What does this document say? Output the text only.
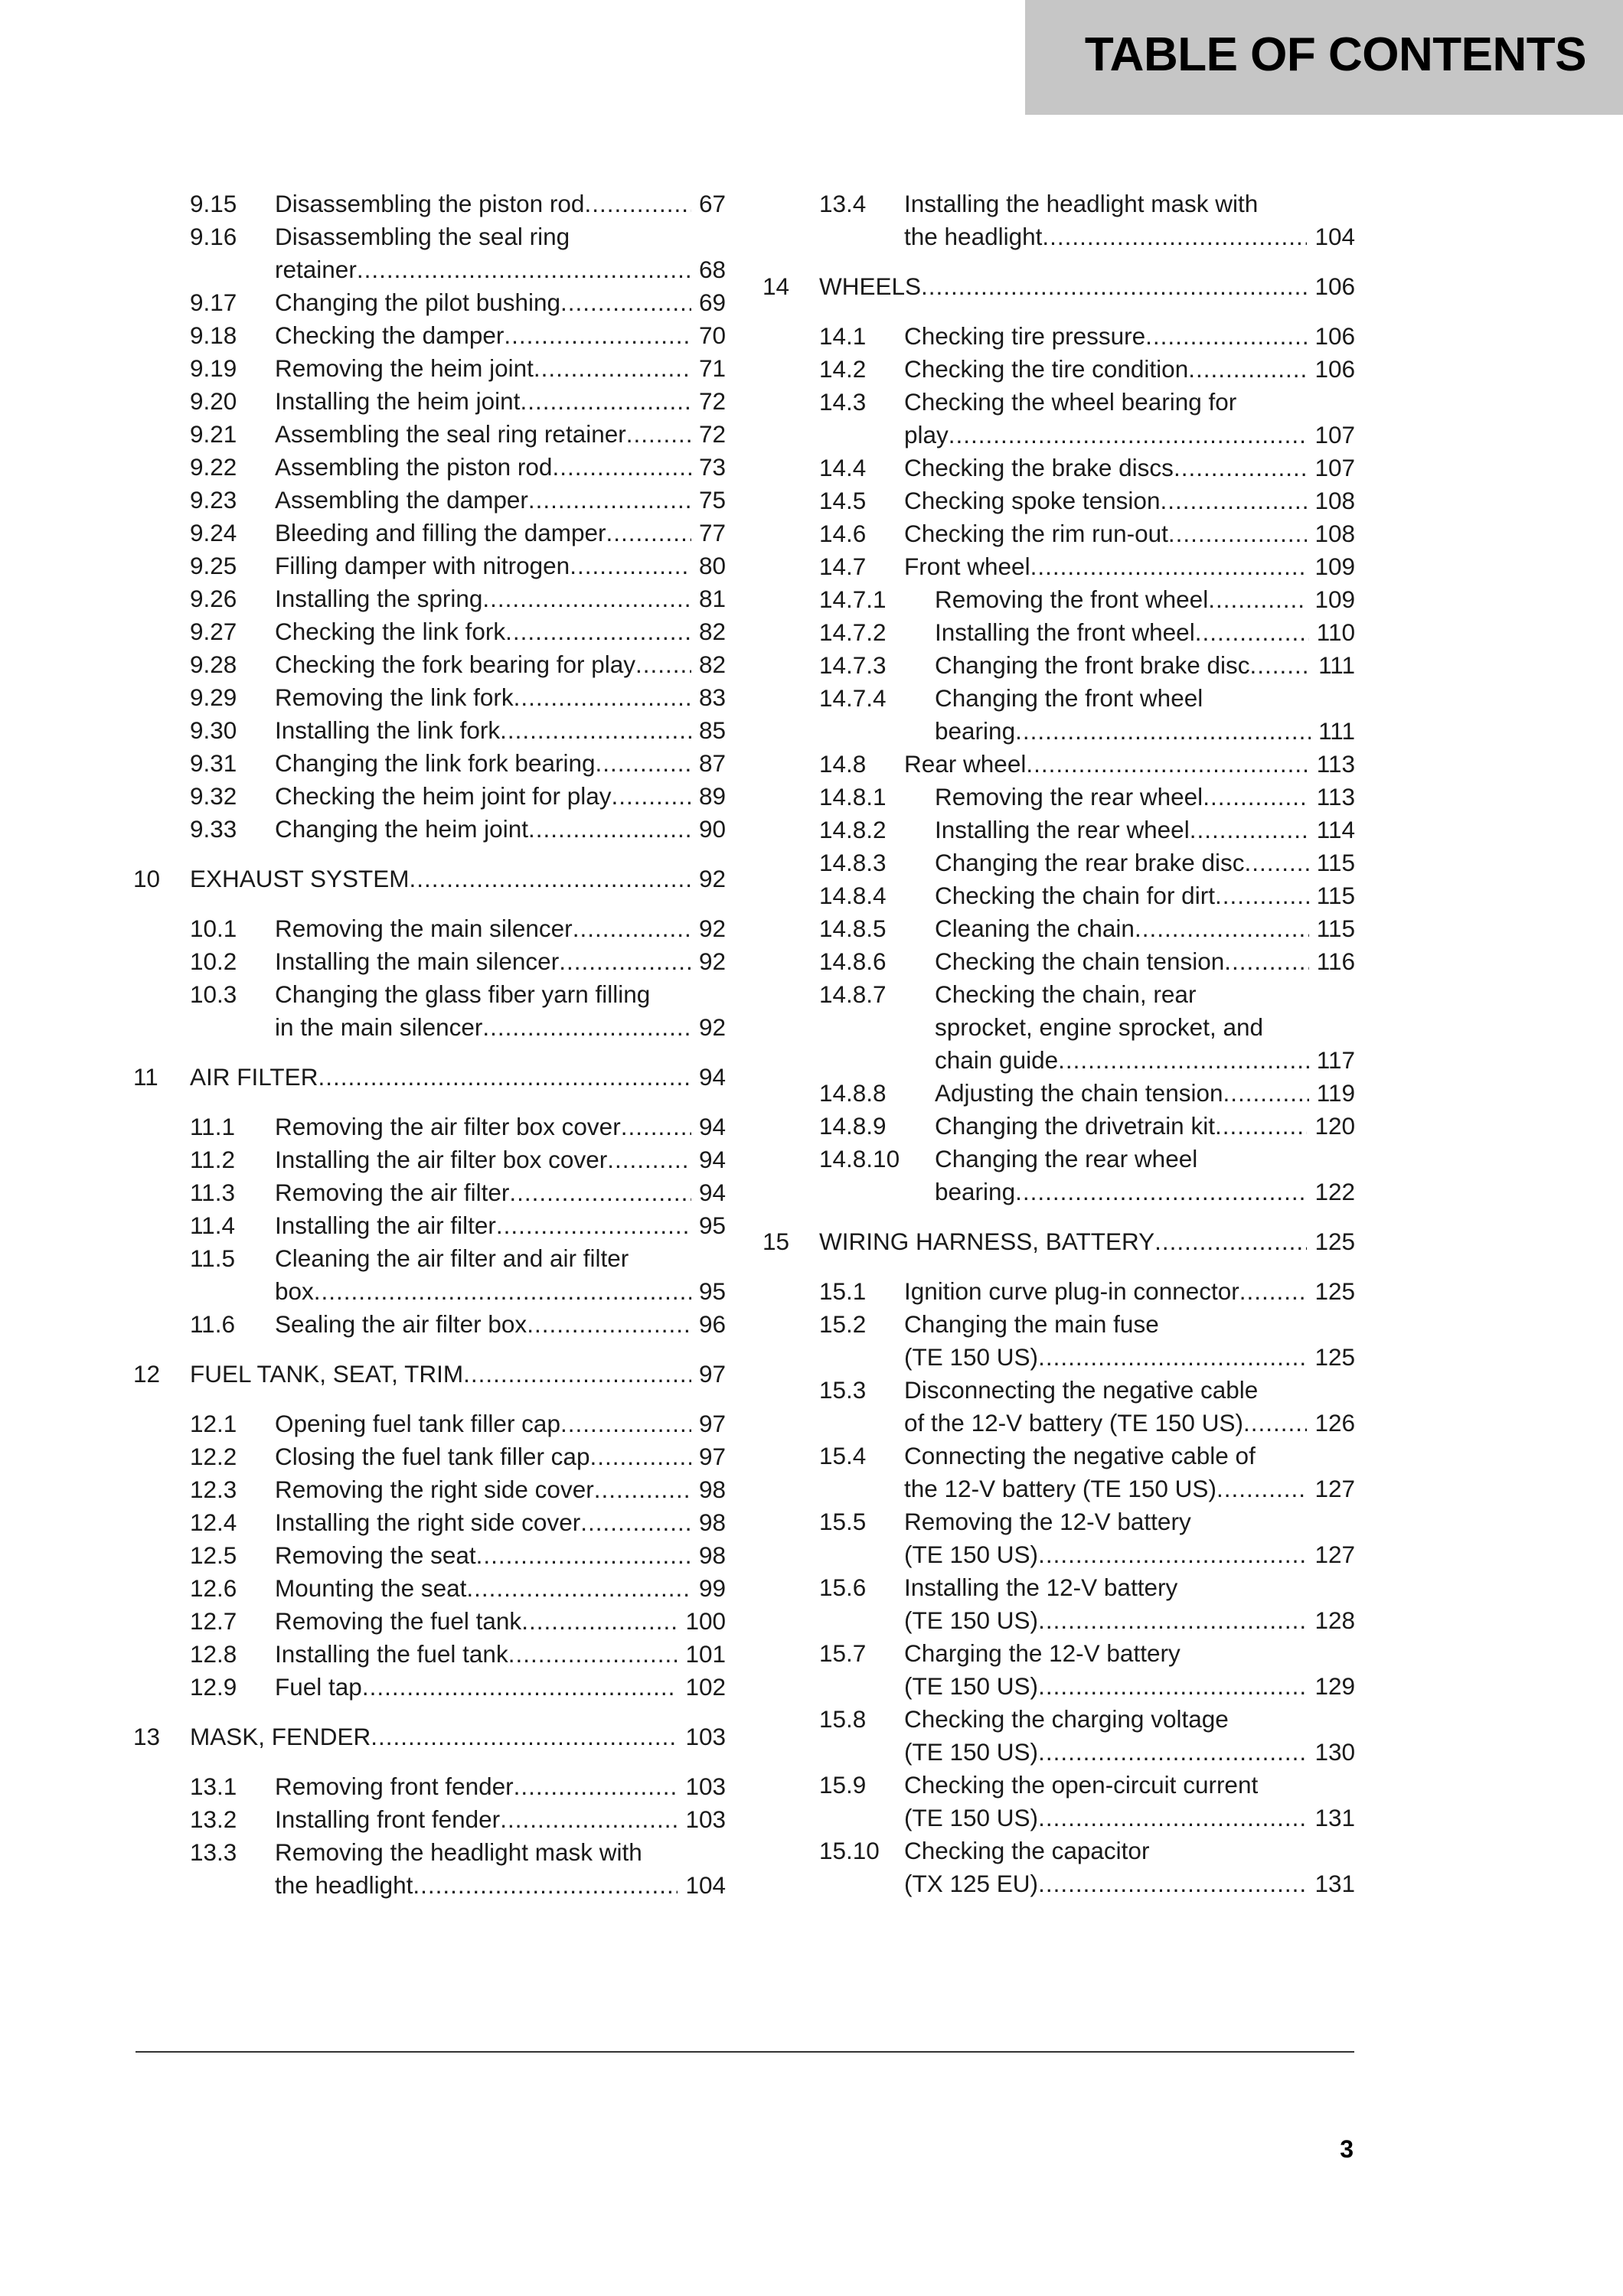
TABLE OF CONTENTS
9.15 Disassembling the piston rod .....	67
9.16 Disassembling the seal ring
retainer .....	68
9.17 Changing the pilot bushing .....	69
9.18 Checking the damper .....	70
9.19 Removing the heim joint .....	71
9.20 Installing the heim joint .....	72
9.21 Assembling the seal ring retainer .....	72
9.22 Assembling the piston rod .....	73
9.23 Assembling the damper .....	75
9.24 Bleeding and filling the damper .....	77
9.25 Filling damper with nitrogen .....	80
9.26 Installing the spring .....	81
9.27 Checking the link fork .....	82
9.28 Checking the fork bearing for play .....	82
9.29 Removing the link fork .....	83
9.30 Installing the link fork .....	85
9.31 Changing the link fork bearing .....	87
9.32 Checking the heim joint for play .....	89
9.33 Changing the heim joint .....	90
10 EXHAUST SYSTEM .....	92
10.1 Removing the main silencer .....	92
10.2 Installing the main silencer .....	92
10.3 Changing the glass fiber yarn filling
in the main silencer .....	92
11 AIR FILTER .....	94
11.1 Removing the air filter box cover .....	94
11.2 Installing the air filter box cover .....	94
11.3 Removing the air filter .....	94
11.4 Installing the air filter .....	95
11.5 Cleaning the air filter and air filter
box .....	95
11.6 Sealing the air filter box .....	96
12 FUEL TANK, SEAT, TRIM .....	97
12.1 Opening fuel tank filler cap .....	97
12.2 Closing the fuel tank filler cap .....	97
12.3 Removing the right side cover .....	98
12.4 Installing the right side cover .....	98
12.5 Removing the seat .....	98
12.6 Mounting the seat .....	99
12.7 Removing the fuel tank .....	100
12.8 Installing the fuel tank .....	101
12.9 Fuel tap .....	102
13 MASK, FENDER .....	103
13.1 Removing front fender .....	103
13.2 Installing front fender .....	103
13.3 Removing the headlight mask with
the headlight .....	104
13.4 Installing the headlight mask with
the headlight .....	104
14 WHEELS .....	106
14.1 Checking tire pressure .....	106
14.2 Checking the tire condition .....	106
14.3 Checking the wheel bearing for
play .....	107
14.4 Checking the brake discs .....	107
14.5 Checking spoke tension .....	108
14.6 Checking the rim run-out .....	108
14.7 Front wheel .....	109
14.7.1 Removing the front wheel .....	109
14.7.2 Installing the front wheel .....	110
14.7.3 Changing the front brake disc .....	111
14.7.4 Changing the front wheel
bearing .....	111
14.8 Rear wheel .....	113
14.8.1 Removing the rear wheel .....	113
14.8.2 Installing the rear wheel .....	114
14.8.3 Changing the rear brake disc .....	115
14.8.4 Checking the chain for dirt .....	115
14.8.5 Cleaning the chain .....	115
14.8.6 Checking the chain tension .....	116
14.8.7 Checking the chain, rear
sprocket, engine sprocket, and
chain guide .....	117
14.8.8 Adjusting the chain tension .....	119
14.8.9 Changing the drivetrain kit .....	120
14.8.10 Changing the rear wheel
bearing .....	122
15 WIRING HARNESS, BATTERY .....	125
15.1 Ignition curve plug-in connector .....	125
15.2 Changing the main fuse
(TE 150 US) .....	125
15.3 Disconnecting the negative cable
of the 12-V battery (TE 150 US) .....	126
15.4 Connecting the negative cable of
the 12-V battery (TE 150 US) .....	127
15.5 Removing the 12-V battery
(TE 150 US) .....	127
15.6 Installing the 12-V battery
(TE 150 US) .....	128
15.7 Charging the 12-V battery
(TE 150 US) .....	129
15.8 Checking the charging voltage
(TE 150 US) .....	130
15.9 Checking the open-circuit current
(TE 150 US) .....	131
15.10 Checking the capacitor
(TX 125 EU) .....	131
3
